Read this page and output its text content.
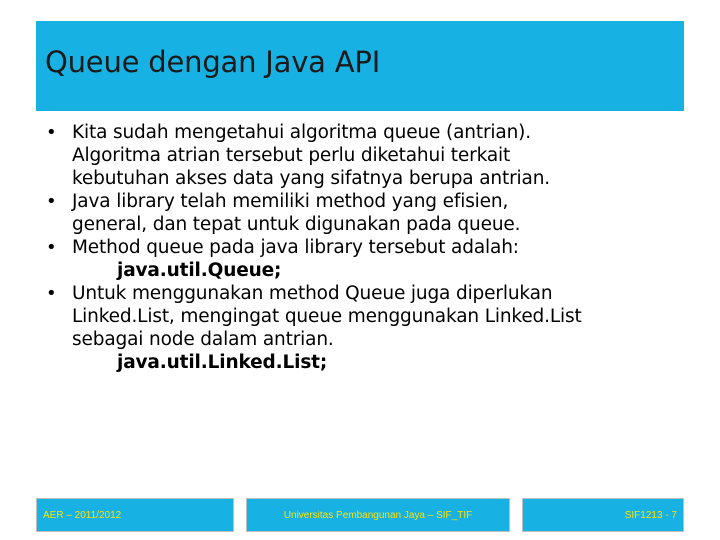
Queue dengan Java API
• Kita sudah mengetahui algoritma queue (antrian).
Algoritma atrian tersebut perlu diketahui terkait
kebutuhan akses data yang sifatnya berupa antrian.
• Java library telah memiliki method yang efisien,
general, dan tepat untuk digunakan pada queue.
• Method queue pada java library tersebut adalah:
java.util.Queue;
• Untuk menggunakan method Queue juga diperlukan
Linked.List, mengingat queue menggunakan Linked.List
sebagai node dalam antrian.
java.util.Linked.List;
AER – 2011/2012	Universitas Pembangunan Jaya – SIF_TIF	SIF1213 - 7
